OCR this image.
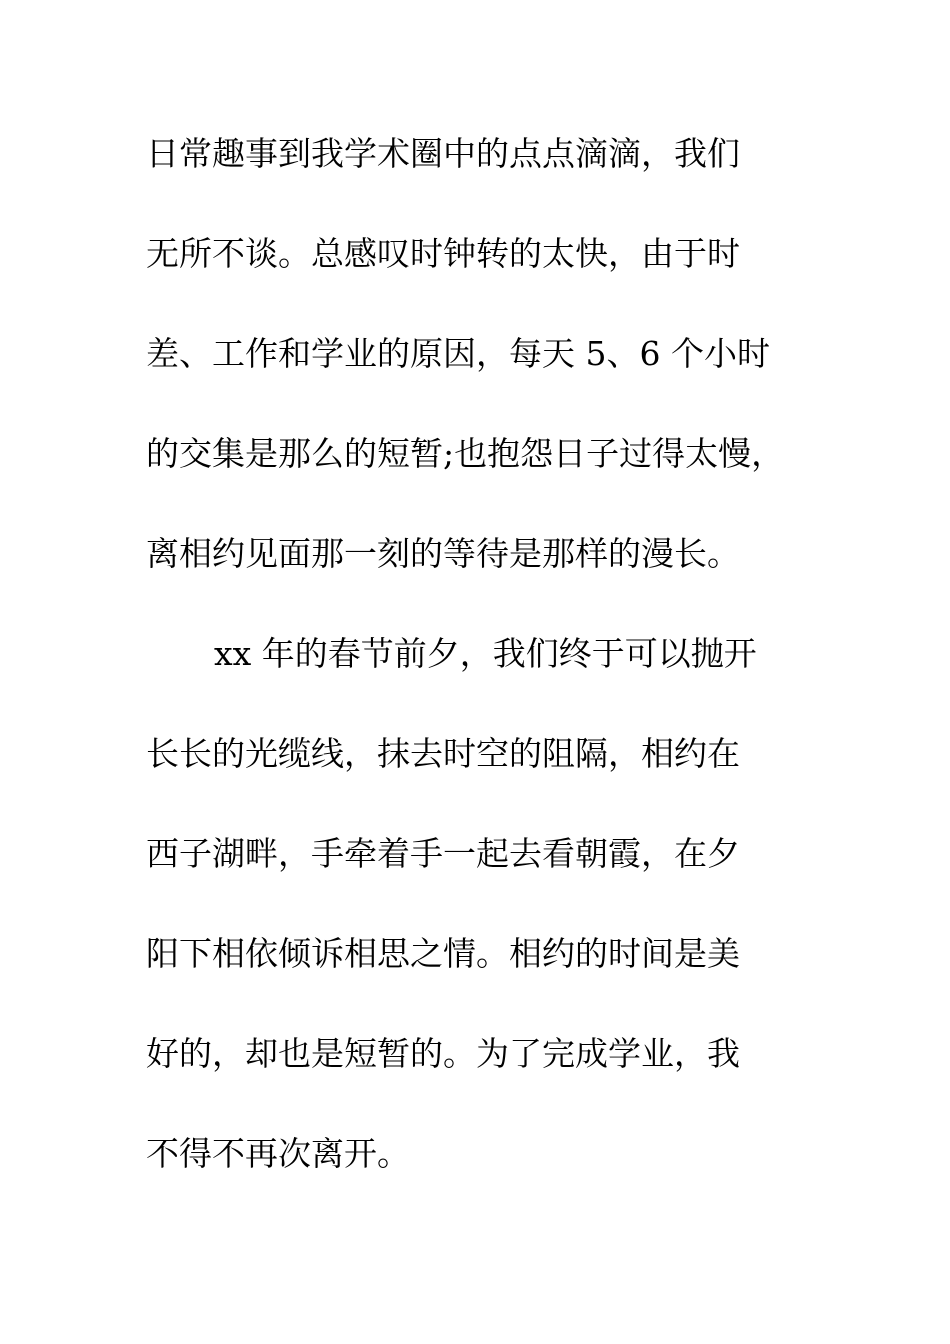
日常趣事到我学术圈中的点点滴滴，我们
无所不谈。总感叹时钟转的太快，由于时
差、工作和学业的原因，每天 5、6 个小时
的交集是那么的短暂;也抱怨日子过得太慢，
离相约见面那一刻的等待是那样的漫长。
xx 年的春节前夕，我们终于可以抛开
长长的光缆线，抹去时空的阻隔，相约在
西子湖畔，手牵着手一起去看朝霞，在夕
阳下相依倾诉相思之情。相约的时间是美
好的，却也是短暂的。为了完成学业，我
不得不再次离开。
